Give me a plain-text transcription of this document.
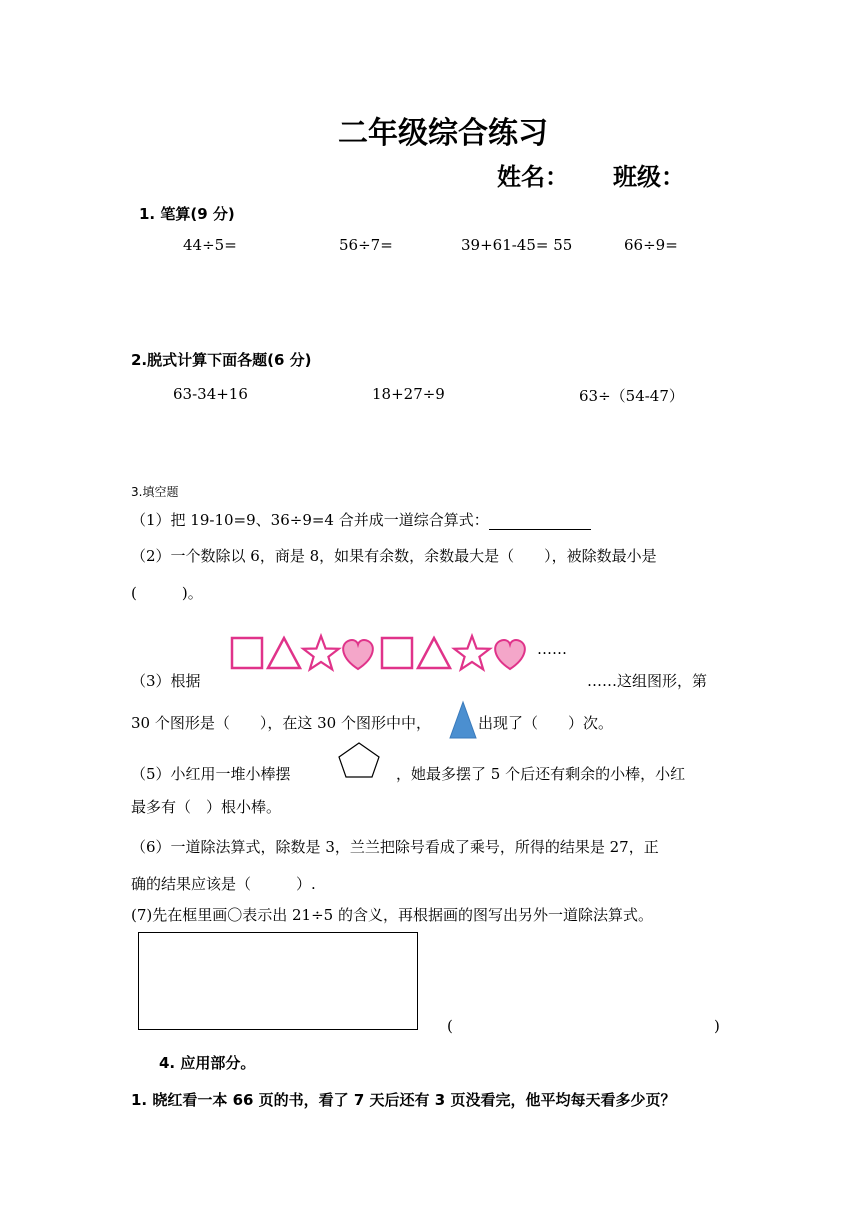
二年级综合练习
姓名： 班级：
1. 笔算(9 分)
44÷5=	56÷7=	39+61-45= 55	66÷9=
2.脱式计算下面各题(6 分)
63-34+16	18+27÷9	63÷（54-47）
3.填空题
（1）把 19-10=9、36÷9=4 合并成一道综合算式：
（2）一个数除以 6，商是 8，如果有余数，余数最大是（　　），被除数最小是
(　　　)。
……
（3）根据	……这组图形，第
30 个图形是（　　），在这 30 个图形中中，	出现了（　　）次。
（5）小红用一堆小棒摆	，她最多摆了 5 个后还有剩余的小棒，小红
最多有（　）根小棒。
（6）一道除法算式，除数是 3，兰兰把除号看成了乘号，所得的结果是 27，正
确的结果应该是（　　　）.
(7)先在框里画〇表示出 21÷5 的含义，再根据画的图写出另外一道除法算式。
(	)
4. 应用部分。
1. 晓红看一本 66 页的书，看了 7 天后还有 3 页没看完，他平均每天看多少页？
